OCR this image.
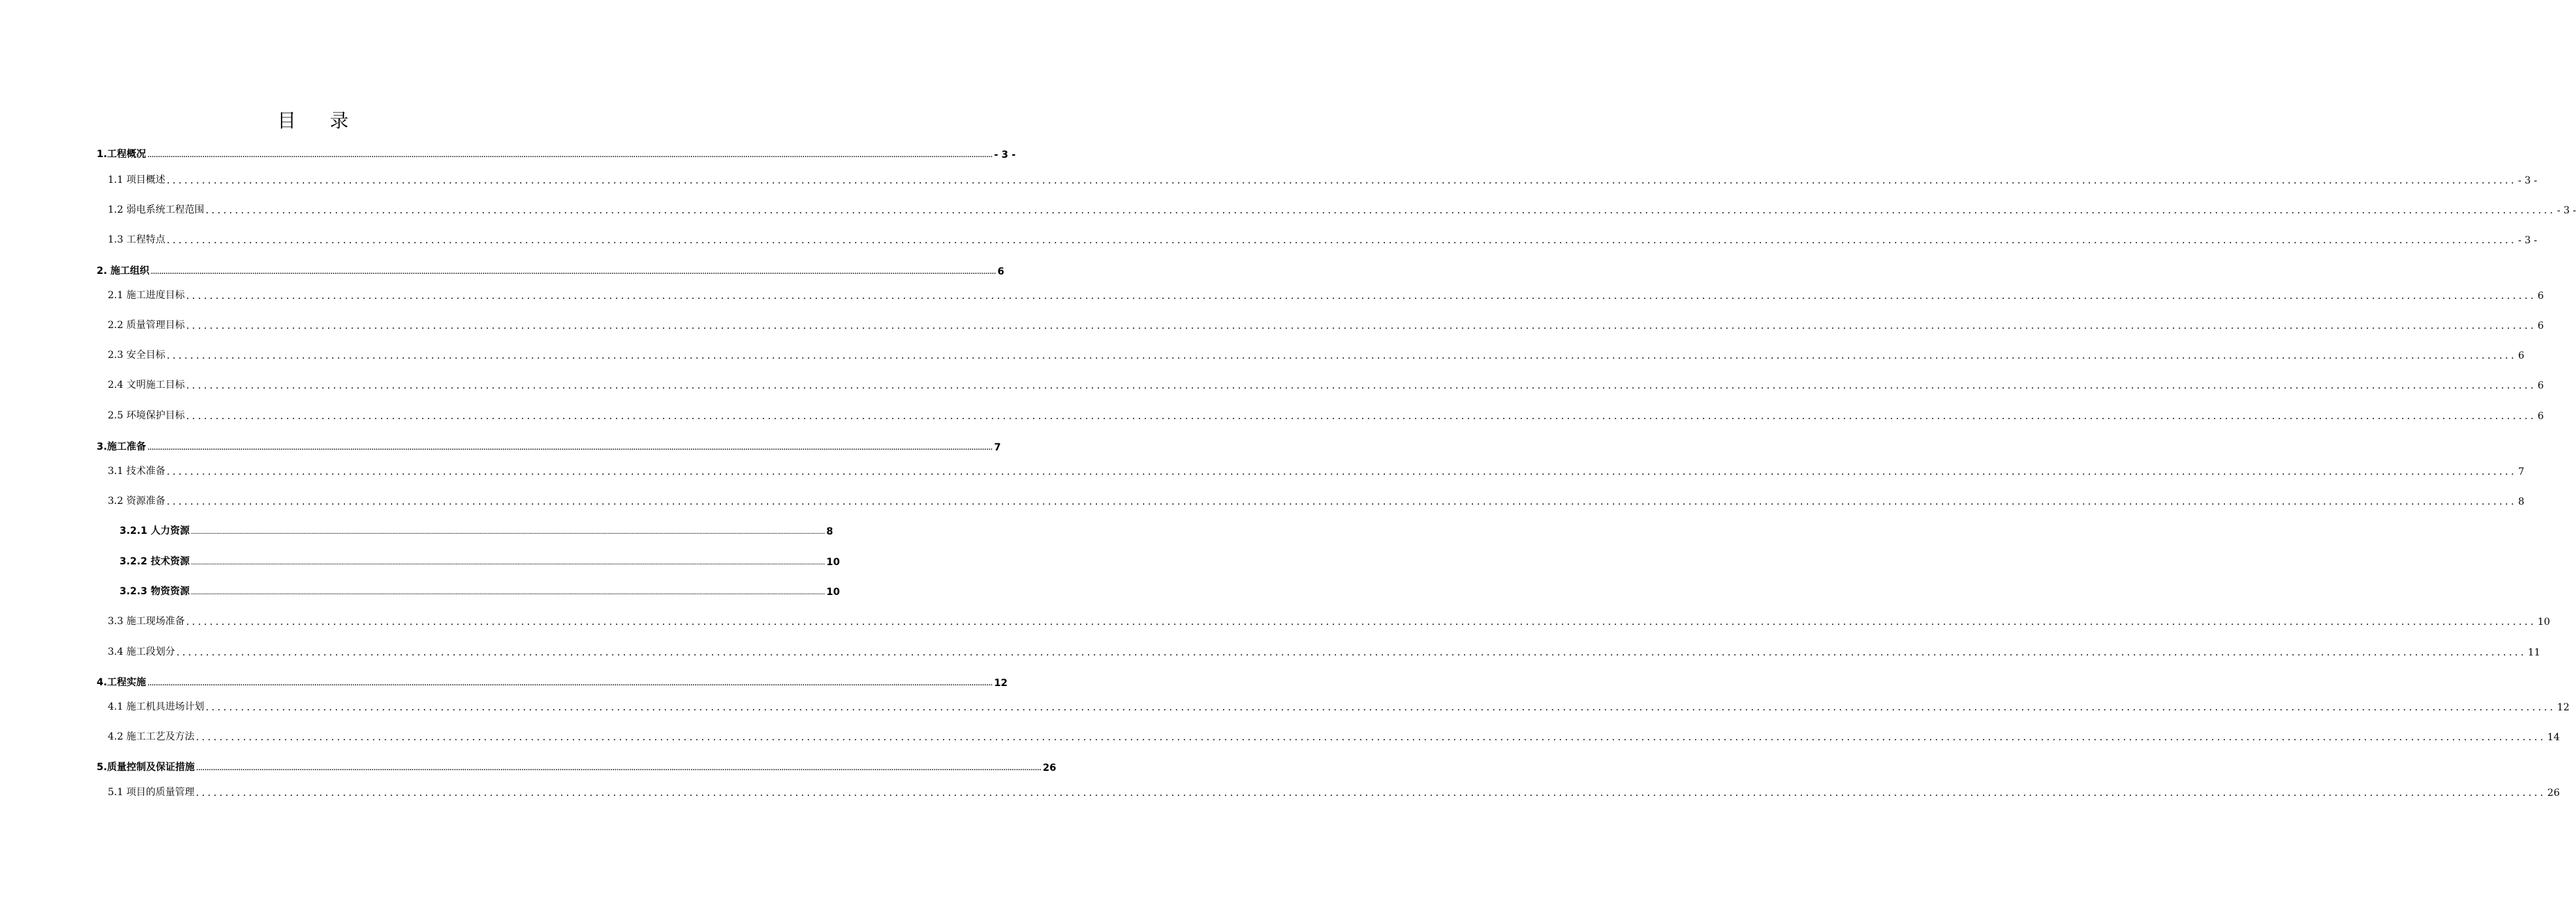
目 录
1.工程概况 ................................................................................................................................................................................................................................................................................................................................................................................................................ - 3 -
1.1 项目概述 ................................................................................................................................................................................................................................................................................................................................................................................................................ - 3 -
1.2 弱电系统工程范围 ................................................................................................................................................................................................................................................................................................................................................................................................................ - 3 -
1.3 工程特点 ................................................................................................................................................................................................................................................................................................................................................................................................................ - 3 -
2. 施工组织 ................................................................................................................................................................................................................................................................................................................................................................................................................ 6
2.1 施工进度目标 ................................................................................................................................................................................................................................................................................................................................................................................................................ 6
2.2 质量管理目标 ................................................................................................................................................................................................................................................................................................................................................................................................................ 6
2.3 安全目标 ................................................................................................................................................................................................................................................................................................................................................................................................................ 6
2.4 文明施工目标 ................................................................................................................................................................................................................................................................................................................................................................................................................ 6
2.5 环境保护目标 ................................................................................................................................................................................................................................................................................................................................................................................................................ 6
3.施工准备 ................................................................................................................................................................................................................................................................................................................................................................................................................ 7
3.1 技术准备 ................................................................................................................................................................................................................................................................................................................................................................................................................ 7
3.2 资源准备 ................................................................................................................................................................................................................................................................................................................................................................................................................ 8
3.2.1 人力资源 ................................................................................................................................................................................................................................................................................................................................................................................................................ 8
3.2.2 技术资源 ................................................................................................................................................................................................................................................................................................................................................................................................................ 10
3.2.3 物资资源 ................................................................................................................................................................................................................................................................................................................................................................................................................ 10
3.3 施工现场准备 ................................................................................................................................................................................................................................................................................................................................................................................................................ 10
3.4 施工段划分 ................................................................................................................................................................................................................................................................................................................................................................................................................ 11
4.工程实施 ................................................................................................................................................................................................................................................................................................................................................................................................................ 12
4.1 施工机具进场计划 ................................................................................................................................................................................................................................................................................................................................................................................................................ 12
4.2 施工工艺及方法 ................................................................................................................................................................................................................................................................................................................................................................................................................ 14
5.质量控制及保证措施 ................................................................................................................................................................................................................................................................................................................................................................................................................ 26
5.1 项目的质量管理 ................................................................................................................................................................................................................................................................................................................................................................................................................ 26
